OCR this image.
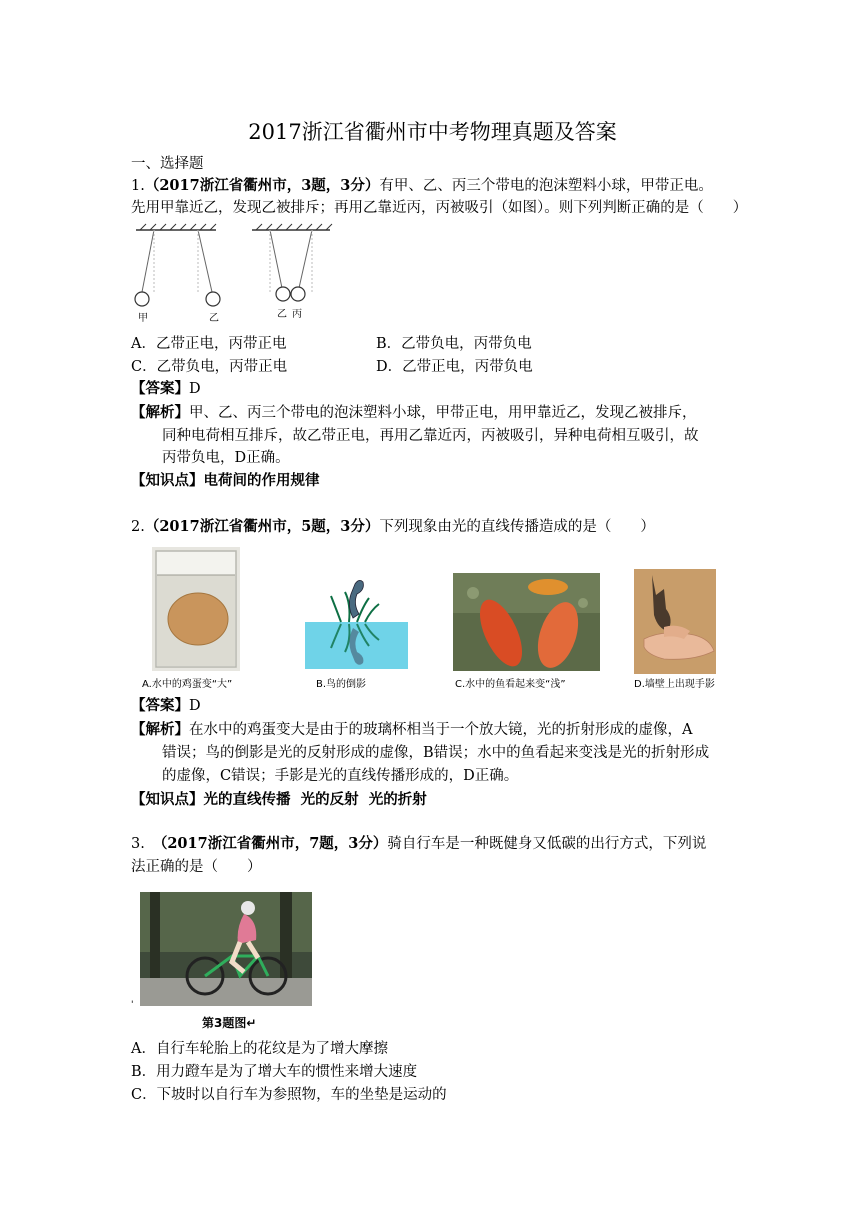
2017浙江省衢州市中考物理真题及答案
一、选择题
1.（2017浙江省衢州市，3题，3分）有甲、乙、丙三个带电的泡沫塑料小球，甲带正电。
先用甲靠近乙，发现乙被排斥；再用乙靠近丙，丙被吸引（如图）。则下列判断正确的是（　　）
甲	乙	乙 丙
A．乙带正电，丙带正电	B．乙带负电，丙带负电
C．乙带负电，丙带正电	D．乙带正电，丙带负电
【答案】D
【解析】甲、乙、丙三个带电的泡沫塑料小球，甲带正电，用甲靠近乙，发现乙被排斥，
同种电荷相互排斥，故乙带正电，再用乙靠近丙，丙被吸引，异种电荷相互吸引，故
丙带负电，D正确。
【知识点】电荷间的作用规律
2.（2017浙江省衢州市，5题，3分）下列现象由光的直线传播造成的是（　　）
A.水中的鸡蛋变“大”	B.鸟的倒影	C.水中的鱼看起来变“浅”	D.墙壁上出现手影
【答案】D
【解析】在水中的鸡蛋变大是由于的玻璃杯相当于一个放大镜，光的折射形成的虚像，A
错误；鸟的倒影是光的反射形成的虚像，B错误；水中的鱼看起来变浅是光的折射形成
的虚像，C错误；手影是光的直线传播形成的，D正确。
【知识点】光的直线传播  光的反射  光的折射
3. （2017浙江省衢州市，7题，3分）骑自行车是一种既健身又低碳的出行方式，下列说
法正确的是（　　）
'
第3题图↵
A．自行车轮胎上的花纹是为了增大摩擦
B．用力蹬车是为了增大车的惯性来增大速度
C．下坡时以自行车为参照物，车的坐垫是运动的
